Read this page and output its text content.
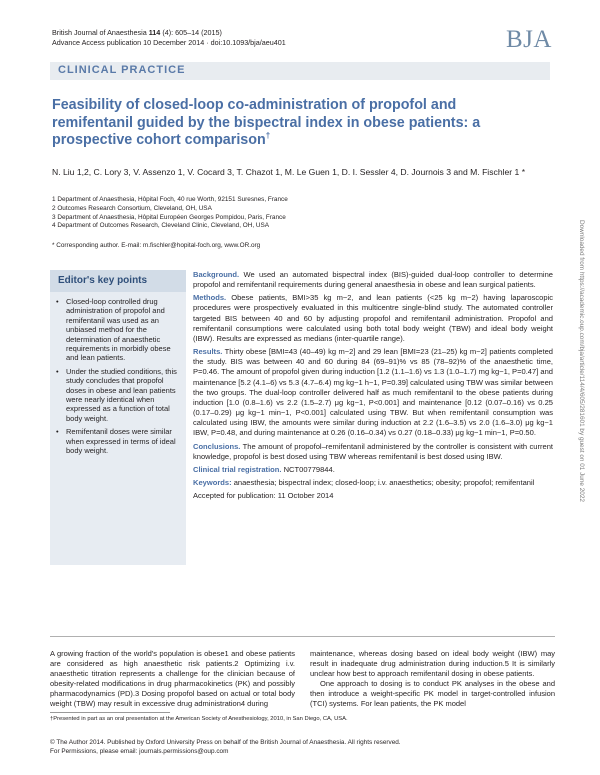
British Journal of Anaesthesia 114 (4): 605–14 (2015)
Advance Access publication 10 December 2014 · doi:10.1093/bja/aeu401	BJA
CLINICAL PRACTICE
Feasibility of closed-loop co-administration of propofol and remifentanil guided by the bispectral index in obese patients: a prospective cohort comparison†
N. Liu 1,2, C. Lory 3, V. Assenzo 1, V. Cocard 3, T. Chazot 1, M. Le Guen 1, D. I. Sessler 4, D. Journois 3 and M. Fischler 1 *
1 Department of Anaesthesia, Hôpital Foch, 40 rue Worth, 92151 Suresnes, France
2 Outcomes Research Consortium, Cleveland, OH, USA
3 Department of Anaesthesia, Hôpital Européen Georges Pompidou, Paris, France
4 Department of Outcomes Research, Cleveland Clinic, Cleveland, OH, USA
* Corresponding author. E-mail: m.fischler@hopital-foch.org, www.OR.org	Downloaded from https://academic.oup.com/bja/article/114/4/605/281601 by guest on 01 June 2022
Editor's key points
• Closed-loop controlled drug administration of propofol and remifentanil was used as an unbiased method for the determination of anaesthetic requirements in morbidly obese and lean patients.
• Under the studied conditions, this study concludes that propofol doses in obese and lean patients were nearly identical when expressed as a function of total body weight.
• Remifentanil doses were similar when expressed in terms of ideal body weight.

Background. We used an automated bispectral index (BIS)-guided dual-loop controller to determine propofol and remifentanil requirements during general anaesthesia in obese and lean surgical patients.

Methods. Obese patients, BMI>35 kg m−2, and lean patients (<25 kg m−2) having laparoscopic procedures were prospectively evaluated in this multicentre single-blind study. The automated controller targeted BIS between 40 and 60 by adjusting propofol and remifentanil administration. Propofol and remifentanil consumptions were calculated using both total body weight (TBW) and ideal body weight (IBW). Results are expressed as medians (inter-quartile range).

Results. Thirty obese [BMI=43 (40–49) kg m−2] and 29 lean [BMI=23 (21–25) kg m−2] patients completed the study. BIS was between 40 and 60 during 84 (69–91)% vs 85 (78–92)% of the anaesthetic time, P=0.46. The amount of propofol given during induction [1.2 (1.1–1.6) vs 1.3 (1.0–1.7) mg kg−1, P=0.47] and maintenance [5.2 (4.1–6) vs 5.3 (4.7–6.4) mg kg−1 h−1, P=0.39] calculated using TBW was similar between the two groups. The dual-loop controller delivered half as much remifentanil to the obese patients during induction [1.0 (0.8–1.6) vs 2.2 (1.5–2.7) μg kg−1, P<0.001] and maintenance [0.12 (0.07–0.16) vs 0.25 (0.17–0.29) μg kg−1 min−1, P<0.001] calculated using TBW. But when remifentanil consumption was calculated using IBW, the amounts were similar during induction at 2.2 (1.6–3.5) vs 2.0 (1.6–3.0) μg kg−1 IBW, P=0.48, and during maintenance at 0.26 (0.16–0.34) vs 0.27 (0.18–0.33) μg kg−1 min−1, P=0.50.

Conclusions. The amount of propofol–remifentanil administered by the controller is consistent with current knowledge, propofol is best dosed using TBW whereas remifentanil is best dosed using IBW.

Clinical trial registration. NCT00779844.

Keywords: anaesthesia; bispectral index; closed-loop; i.v. anaesthetics; obesity; propofol; remifentanil

Accepted for publication: 11 October 2014

A growing fraction of the world's population is obese1 and obese patients are considered as high anaesthetic risk patients.2 Optimizing i.v. anaesthetic titration represents a challenge for the clinician because of obesity-related modifications in drug pharmacokinetics (PK) and possibly pharmacodynamics (PD).3 Dosing propofol based on actual or total body weight (TBW) may result in excessive drug administration4 during

maintenance, whereas dosing based on ideal body weight (IBW) may result in inadequate drug administration during induction.5 It is similarly unclear how best to approach remifentanil dosing in obese patients.

One approach to dosing is to conduct PK analyses in the obese and then introduce a weight-specific PK model in target-controlled infusion (TCI) systems. For lean patients, the PK model

†Presented in part as an oral presentation at the American Society of Anesthesiology, 2010, in San Diego, CA, USA.
© The Author 2014. Published by Oxford University Press on behalf of the British Journal of Anaesthesia. All rights reserved.
For Permissions, please email: journals.permissions@oup.com
